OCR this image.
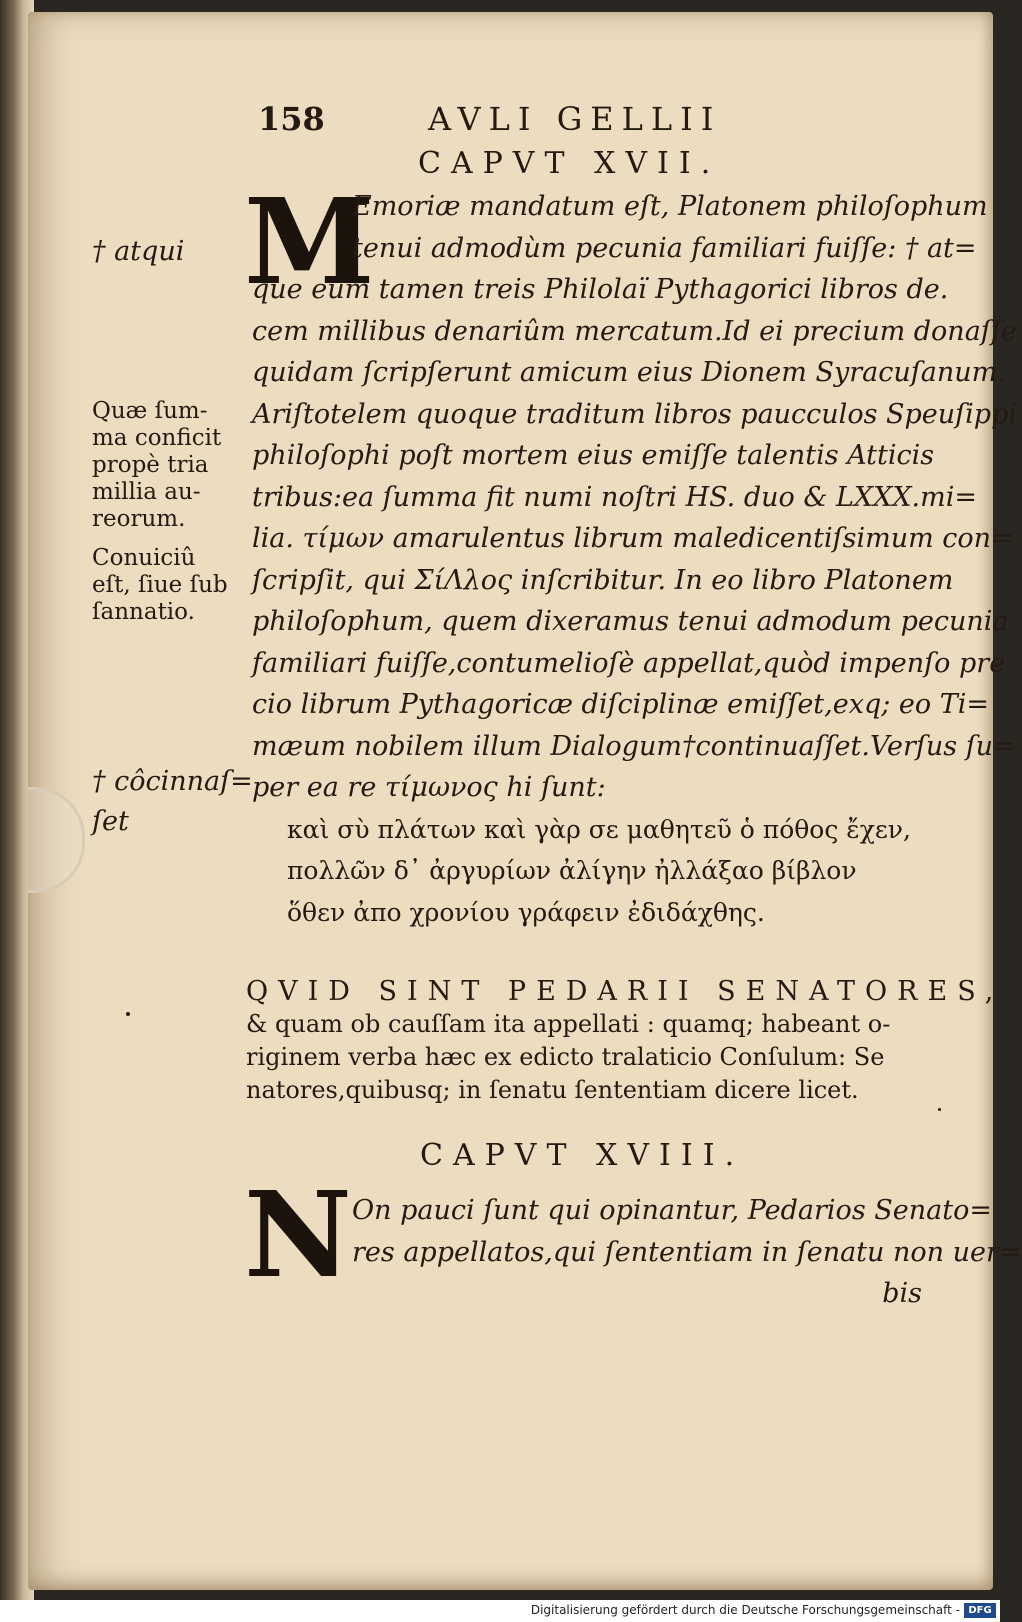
158	AVLI GELLII
CAPVT XVII.
M
Emoriæ mandatum eſt, Platonem philoſophum
tenui admodùm pecunia familiari fuiſſe: † at=
que eum tamen treis Philolaï Pythagorici libros de.
cem millibus denariûm mercatum.Id ei precium donaſſe
quidam ſcripſerunt amicum eius Dionem Syracuſanum.
Ariſtotelem quoque traditum libros paucculos Speuſippi
philoſophi poſt mortem eius emiſſe talentis Atticis
tribus:ea ſumma fit numi noſtri HS. duo & LXXX.mi=
lia. τίμων amarulentus librum maledicentiſsimum con=
ſcripſit, qui ΣίΛλος inſcribitur. In eo libro Platonem
philoſophum, quem dixeramus tenui admodum pecunia
familiari fuiſſe,contumelioſè appellat,quòd impenſo pre
cio librum Pythagoricæ diſciplinæ emiſſet,exq; eo Ti=
mæum nobilem illum Dialogum†continuaſſet.Verſus ſu=
per ea re τίμωνος hi ſunt:
καὶ σὺ πλάτων καὶ γὰρ σε μαθητεῦ ὁ πόθος ἔχεν,
πολλῶν δ᾽ ἀργυρίων ἀλίγην ἠλλάξαο βίβλον
ὅθεν ἀπο χρονίου γράφειν ἐδιδάχθης.
QVID SINT PEDARII SENATORES,
& quam ob cauſſam ita appellati : quamq; habeant o-
riginem verba hæc ex edicto tralaticio Conſulum: Se
natores,quibusq; in ſenatu ſententiam dicere licet.
CAPVT XVIII.
N On pauci ſunt qui opinantur, Pedarios Senato=
res appellatos,qui ſententiam in ſenatu non uer=
bis
† atqui
Quæ ſum-
ma conficit
propè tria
millia au-
reorum.
Conuiciû
eſt, ſiue ſub
ſannatio.
† côcinnaſ=
ſet
Digitalisierung gefördert durch die Deutsche Forschungsgemeinschaft - DFG
